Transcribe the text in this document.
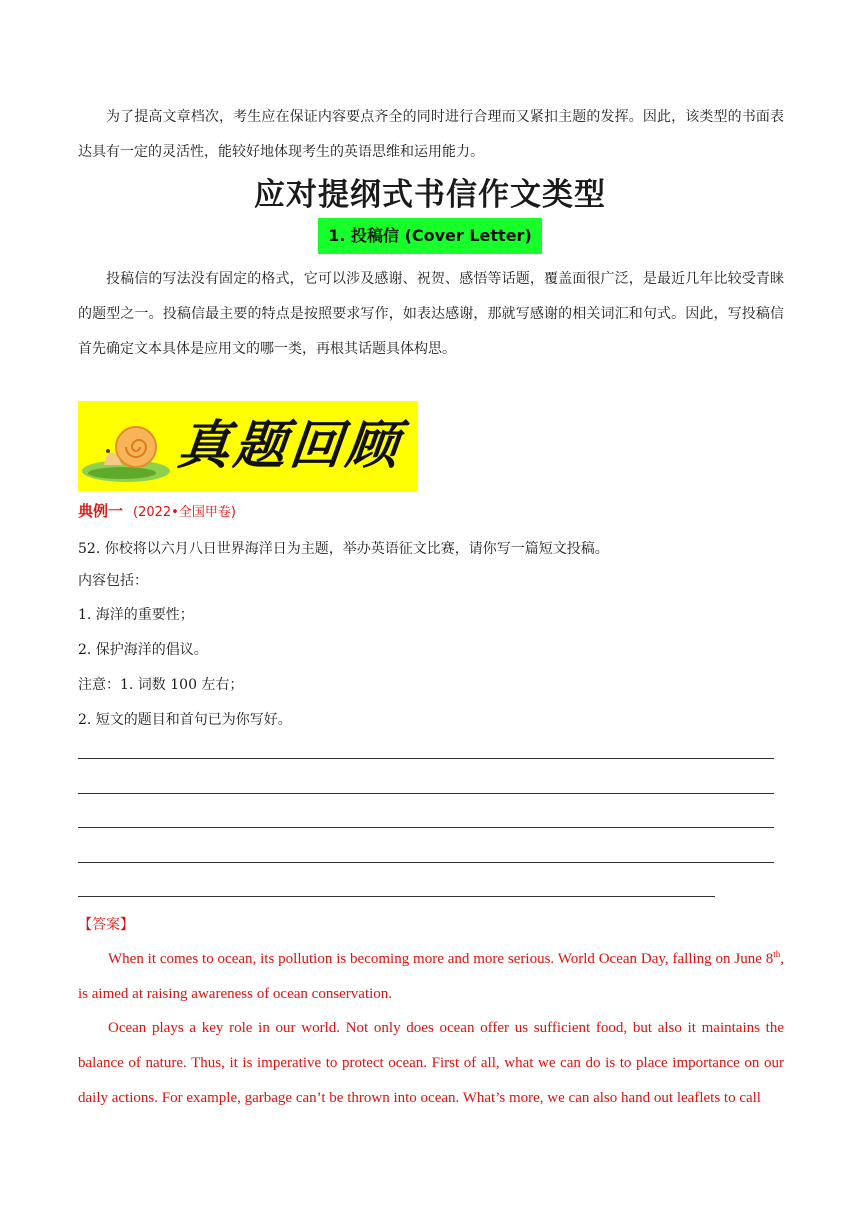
为了提高文章档次，考生应在保证内容要点齐全的同时进行合理而又紧扣主题的发挥。因此，该类型的书面表达具有一定的灵活性，能较好地体现考生的英语思维和运用能力。
应对提纲式书信作文类型
1. 投稿信 (Cover Letter)
投稿信的写法没有固定的格式，它可以涉及感谢、祝贺、感悟等话题，覆盖面很广泛，是最近几年比较受青睐的题型之一。投稿信最主要的特点是按照要求写作，如表达感谢，那就写感谢的相关词汇和句式。因此，写投稿信首先确定文本具体是应用文的哪一类，再根其话题具体构思。
真题回顾
典例一 (2022•全国甲卷)
52. 你校将以六月八日世界海洋日为主题，举办英语征文比赛，请你写一篇短文投稿。
内容包括：
1. 海洋的重要性；
2. 保护海洋的倡议。
注意：1. 词数 100 左右；
2. 短文的题目和首句已为你写好。
【答案】
When it comes to ocean, its pollution is becoming more and more serious. World Ocean Day, falling on June 8th, is aimed at raising awareness of ocean conservation.
Ocean plays a key role in our world. Not only does ocean offer us sufficient food, but also it maintains the balance of nature. Thus, it is imperative to protect ocean. First of all, what we can do is to place importance on our daily actions. For example, garbage can’t be thrown into ocean. What’s more, we can also hand out leaflets to call
